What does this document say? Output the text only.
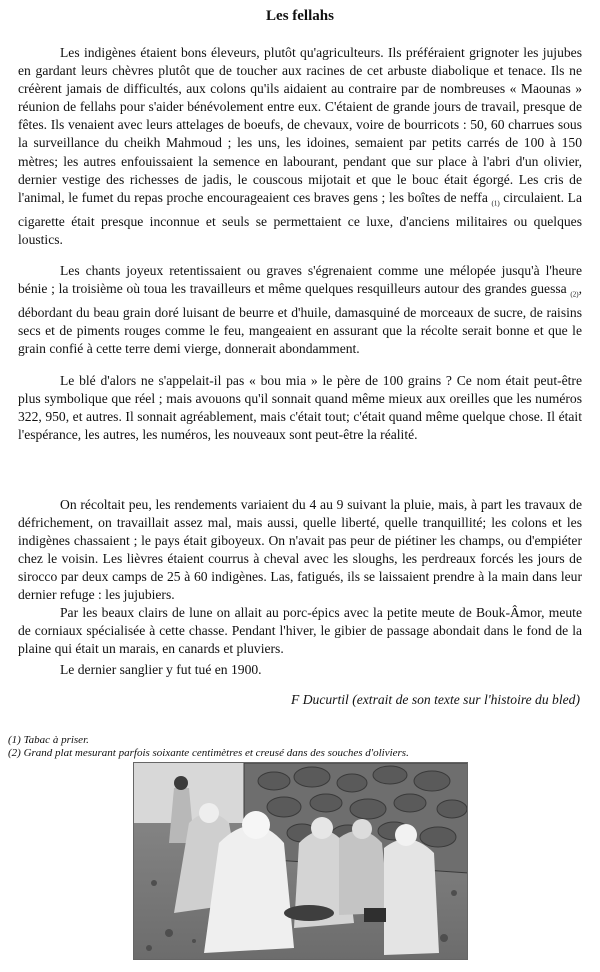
Les fellahs

Les indigènes étaient bons éleveurs, plutôt qu'agriculteurs. Ils préféraient grignoter les jujubes en gardant leurs chèvres plutôt que de toucher aux racines de cet arbuste diabolique et tenace. Ils ne créèrent jamais de difficultés, aux colons qu'ils aidaient au contraire par de nombreuses « Maounas » réunion de fellahs pour s'aider bénévolement entre eux. C'étaient de grande jours de travail, presque de fêtes. Ils venaient avec leurs attelages de boeufs, de chevaux, voire de bourricots : 50, 60 charrues sous la surveillance du cheikh Mahmoud ; les uns, les idoines, semaient par petits carrés de 100 à 150 mètres; les autres enfouissaient la semence en labourant, pendant que sur place à l'abri d'un olivier, dernier vestige des richesses de jadis, le couscous mijotait et que le bouc était égorgé. Les cris de l'animal, le fumet du repas proche encourageaient ces braves gens ; les boîtes de neffa $_{(1)}$ circulaient. La cigarette était presque inconnue et seuls se permettaient ce luxe, d'anciens militaires ou quelques loustics.

Les chants joyeux retentissaient ou graves s'égrenaient comme une mélopée jusqu'à l'heure bénie ; la troisième où toua les travailleurs et même quelques resquilleurs autour des grandes guessa $_{(2)}$, débordant du beau grain doré luisant de beurre et d'huile, damasquiné de morceaux de sucre, de raisins secs et de piments rouges comme le feu, mangeaient en assurant que la récolte serait bonne et que le grain confié à cette terre demi vierge, donnerait abondamment.

Le blé d'alors ne s'appelait-il pas « bou mia » le père de 100 grains ? Ce nom était peut-être plus symbolique que réel ; mais avouons qu'il sonnait quand même mieux aux oreilles que les numéros 322, 950, et autres. Il sonnait agréablement, mais c'était tout; c'était quand même quelque chose. Il était l'espérance, les autres, les numéros, les nouveaux sont peut-être la réalité.

On récoltait peu, les rendements variaient du 4 au 9 suivant la pluie, mais, à part les travaux de défrichement, on travaillait assez mal, mais aussi, quelle liberté, quelle tranquillité; les colons et les indigènes chassaient ; le pays était giboyeux. On n'avait pas peur de piétiner les champs, ou d'empiéter chez le voisin. Les lièvres étaient courrus à cheval avec les sloughs, les perdreaux forcés les jours de sirocco par deux camps de 25 à 60 indigènes. Las, fatigués, ils se laissaient prendre à la main dans leur dernier refuge : les jujubiers.

Par les beaux clairs de lune on allait au porc-épics avec la petite meute de Bouk-Âmor, meute de corniaux spécialisée à cette chasse. Pendant l'hiver, le gibier de passage abondait dans le fond de la plaine qui était un marais, en canards et pluviers.

Le dernier sanglier y fut tué en 1900.

F Ducurtil (extrait de son texte sur l'histoire du bled)
(1) Tabac à priser.
(2) Grand plat mesurant parfois soixante centimètres et creusé dans des souches d'oliviers.
